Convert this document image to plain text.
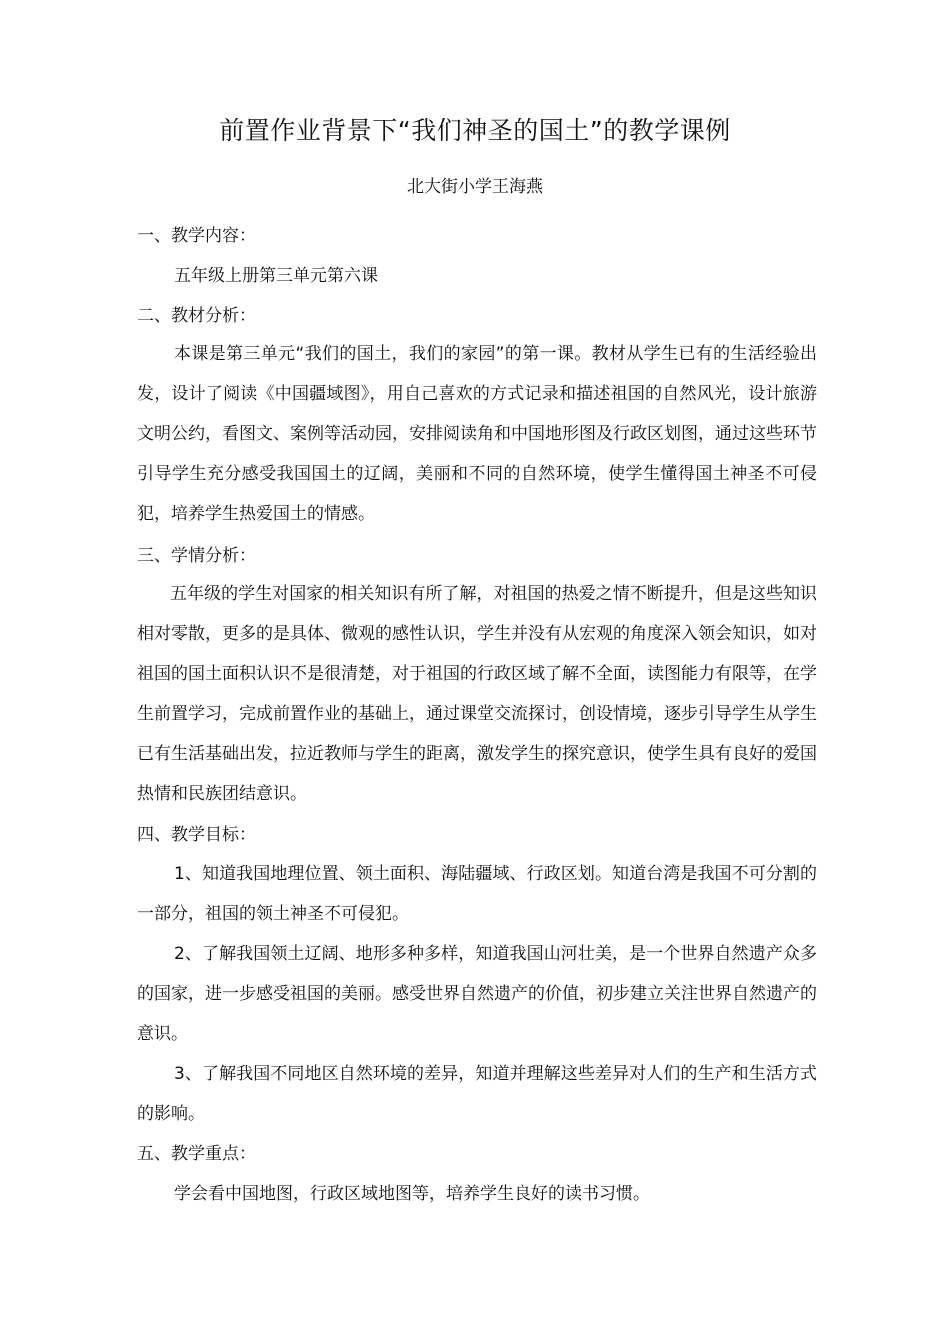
前置作业背景下“我们神圣的国土”的教学课例
北大街小学王海燕
一、教学内容：
五年级上册第三单元第六课
二、教材分析：
本课是第三单元“我们的国土，我们的家园”的第一课。教材从学生已有的生活经验出发，设计了阅读《中国疆域图》，用自己喜欢的方式记录和描述祖国的自然风光，设计旅游文明公约，看图文、案例等活动园，安排阅读角和中国地形图及行政区划图，通过这些环节引导学生充分感受我国国土的辽阔，美丽和不同的自然环境，使学生懂得国土神圣不可侵犯，培养学生热爱国土的情感。
三、学情分析：
五年级的学生对国家的相关知识有所了解，对祖国的热爱之情不断提升，但是这些知识相对零散，更多的是具体、微观的感性认识，学生并没有从宏观的角度深入领会知识，如对祖国的国土面积认识不是很清楚，对于祖国的行政区域了解不全面，读图能力有限等，在学生前置学习，完成前置作业的基础上，通过课堂交流探讨，创设情境，逐步引导学生从学生已有生活基础出发，拉近教师与学生的距离，激发学生的探究意识，使学生具有良好的爱国热情和民族团结意识。
四、教学目标：
1、知道我国地理位置、领土面积、海陆疆域、行政区划。知道台湾是我国不可分割的一部分，祖国的领土神圣不可侵犯。
2、了解我国领土辽阔、地形多种多样，知道我国山河壮美，是一个世界自然遗产众多的国家，进一步感受祖国的美丽。感受世界自然遗产的价值，初步建立关注世界自然遗产的意识。
3、了解我国不同地区自然环境的差异，知道并理解这些差异对人们的生产和生活方式的影响。
五、教学重点：
学会看中国地图，行政区域地图等，培养学生良好的读书习惯。
